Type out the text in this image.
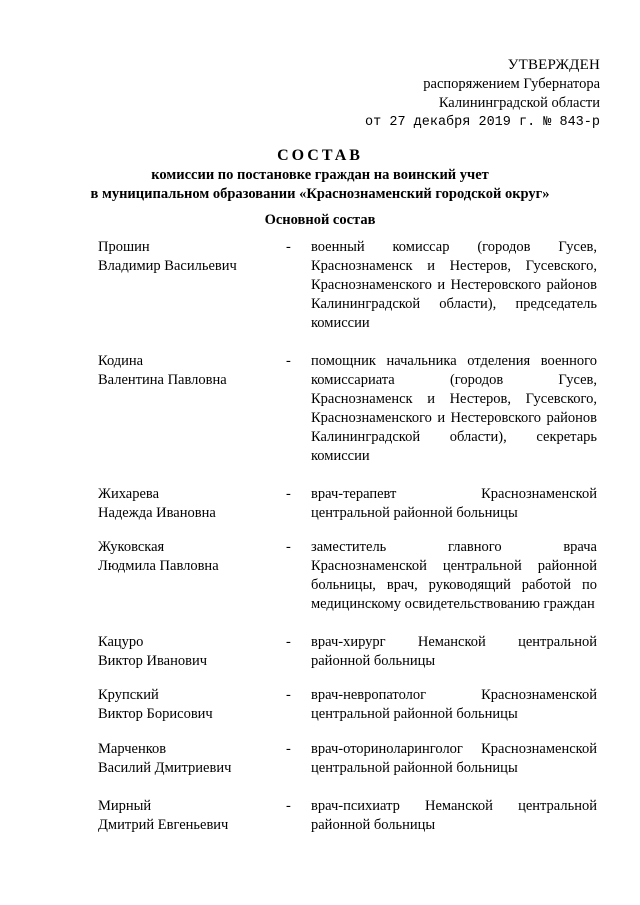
УТВЕРЖДЕН
распоряжением Губернатора
Калининградской области
от 27 декабря 2019 г. № 843-р
СОСТАВ
комиссии по постановке граждан на воинский учет
в муниципальном образовании «Краснознаменский городской округ»
Основной состав
Прошин
Владимир Васильевич
-	военный комиссар (городов Гусев, Краснознаменск и Нестеров, Гусевского, Краснознаменского и Нестеровского районов Калининградской области), председатель комиссии
Кодина
Валентина Павловна
-	помощник начальника отделения военного комиссариата (городов Гусев, Краснознаменск и Нестеров, Гусевского, Краснознаменского и Нестеровского районов Калининградской области), секретарь комиссии
Жихарева
Надежда Ивановна
-	врач-терапевт Краснознаменской центральной районной больницы
Жуковская
Людмила Павловна
-	заместитель главного врача Краснознаменской центральной районной больницы, врач, руководящий работой по медицинскому освидетельствованию граждан
Кацуро
Виктор Иванович
-	врач-хирург Неманской центральной районной больницы
Крупский
Виктор Борисович
-	врач-невропатолог Краснознаменской центральной районной больницы
Марченков
Василий Дмитриевич
-	врач-оториноларинголог Краснознаменской центральной районной больницы
Мирный
Дмитрий Евгеньевич
-	врач-психиатр Неманской центральной районной больницы
